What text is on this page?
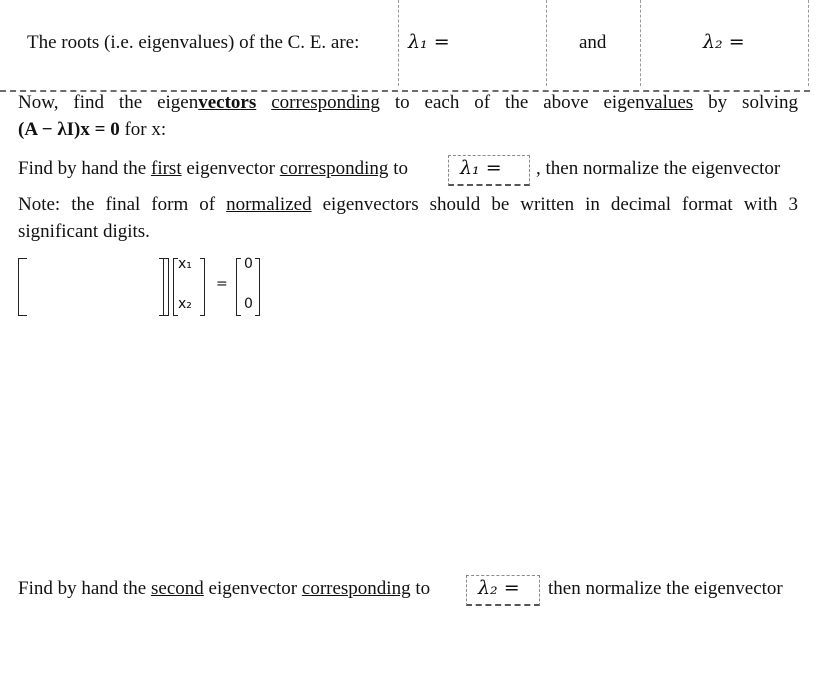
The roots (i.e. eigenvalues) of the C. E. are:	λ₁ =	and	λ₂ =
Now, find the eigenvectors corresponding to each of the above eigenvalues by solving
(A − λI)x = 0 for x:
Find by hand the first eigenvector corresponding to	λ₁ = , then normalize the eigenvector
Note: the final form of normalized eigenvectors should be written in decimal format with 3
significant digits.
x₁
x₂
=
0
0
Find by hand the second eigenvector corresponding to	λ₂ = then normalize the eigenvector
